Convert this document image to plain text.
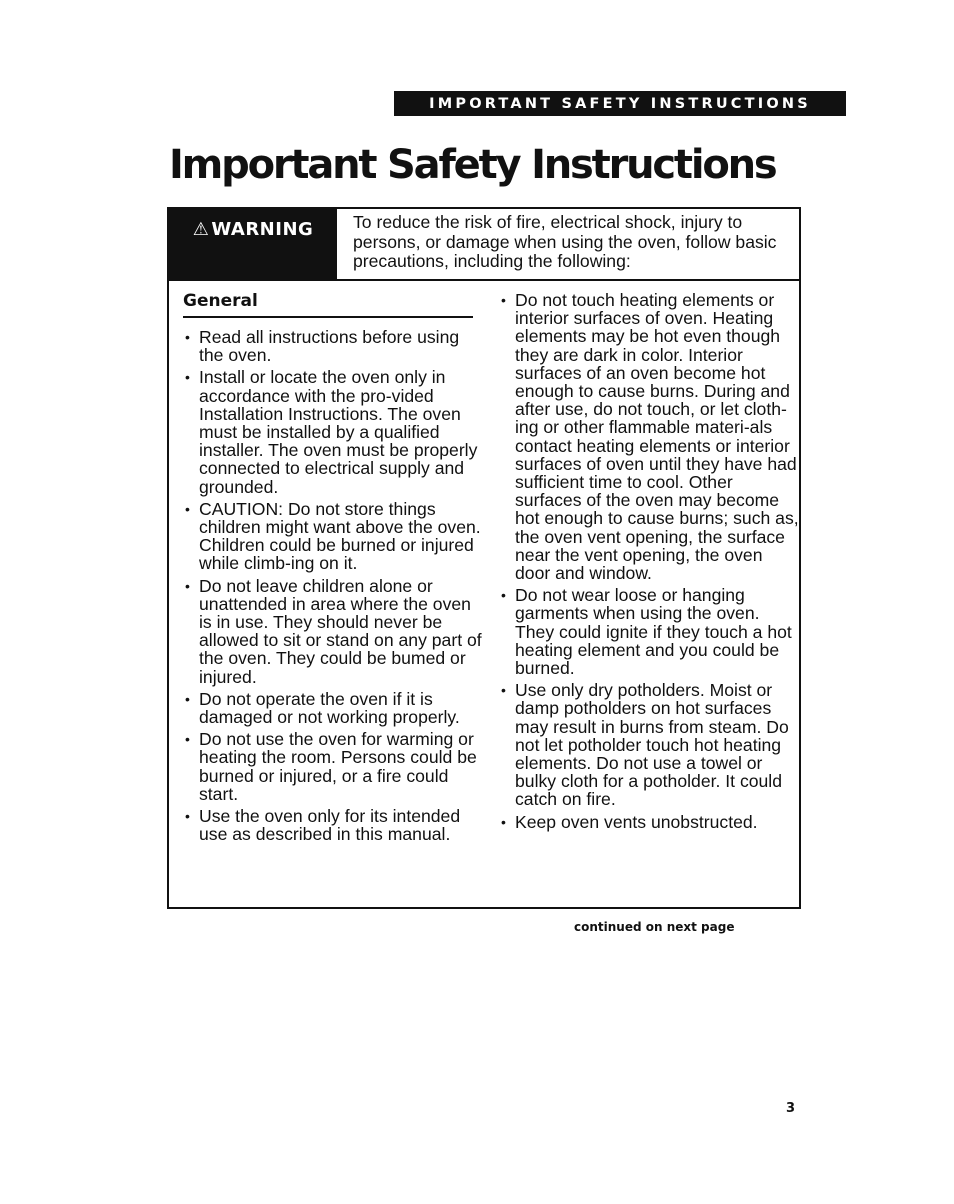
IMPORTANT SAFETY INSTRUCTIONS
Important Safety Instructions
⚠ WARNING To reduce the risk of fire, electrical shock, injury to persons, or damage when using the oven, follow basic precautions, including the following:
General
• Read all instructions before using the oven.
• Install or locate the oven only in accordance with the pro-vided Installation Instructions. The oven must be installed by a qualified installer. The oven must be properly connected to electrical supply and grounded.
• CAUTION: Do not store things children might want above the oven. Children could be burned or injured while climb-ing on it.
• Do not leave children alone or unattended in area where the oven is in use. They should never be allowed to sit or stand on any part of the oven. They could be bumed or injured.
• Do not operate the oven if it is damaged or not working properly.
• Do not use the oven for warming or heating the room. Persons could be burned or injured, or a fire could start.
• Use the oven only for its intended use as described in this manual.
• Do not touch heating elements or interior surfaces of oven. Heating elements may be hot even though they are dark in color. Interior surfaces of an oven become hot enough to cause burns. During and after use, do not touch, or let cloth-ing or other flammable materi-als contact heating elements or interior surfaces of oven until they have had sufficient time to cool. Other surfaces of the oven may become hot enough to cause burns; such as, the oven vent opening, the surface near the vent opening, the oven door and window.
• Do not wear loose or hanging garments when using the oven. They could ignite if they touch a hot heating element and you could be burned.
• Use only dry potholders. Moist or damp potholders on hot surfaces may result in burns from steam. Do not let potholder touch hot heating elements. Do not use a towel or bulky cloth for a potholder. It could catch on fire.
• Keep oven vents unobstructed.
continued on next page
3
